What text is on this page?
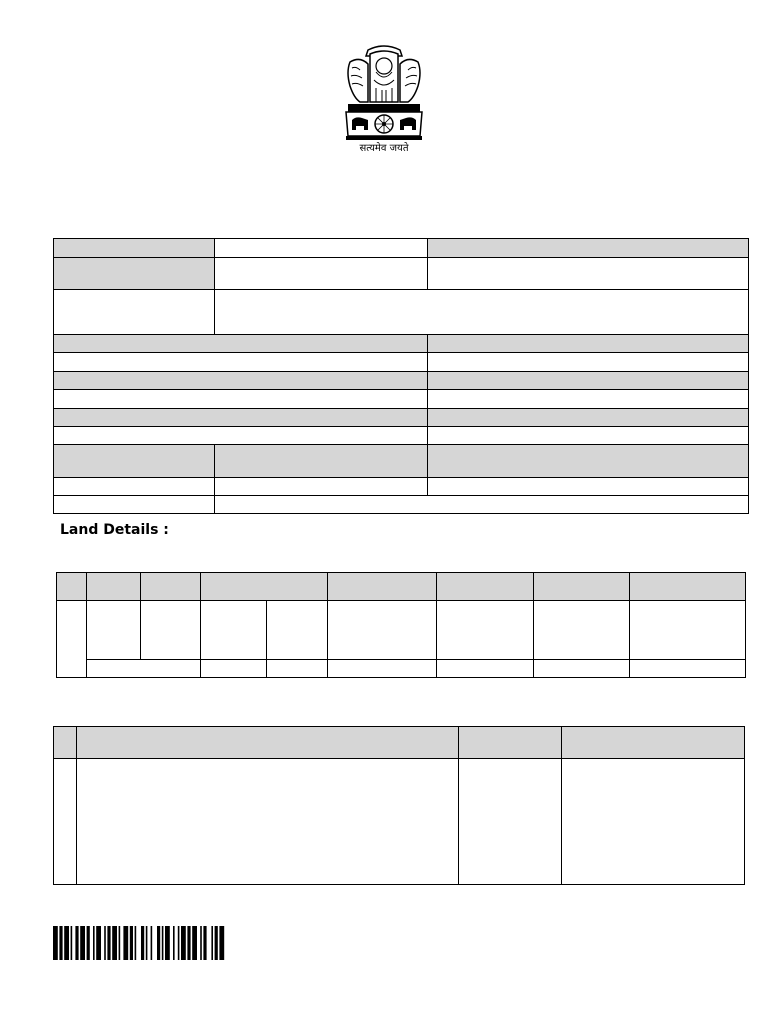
सत्यमेव जयते

Land Details :
